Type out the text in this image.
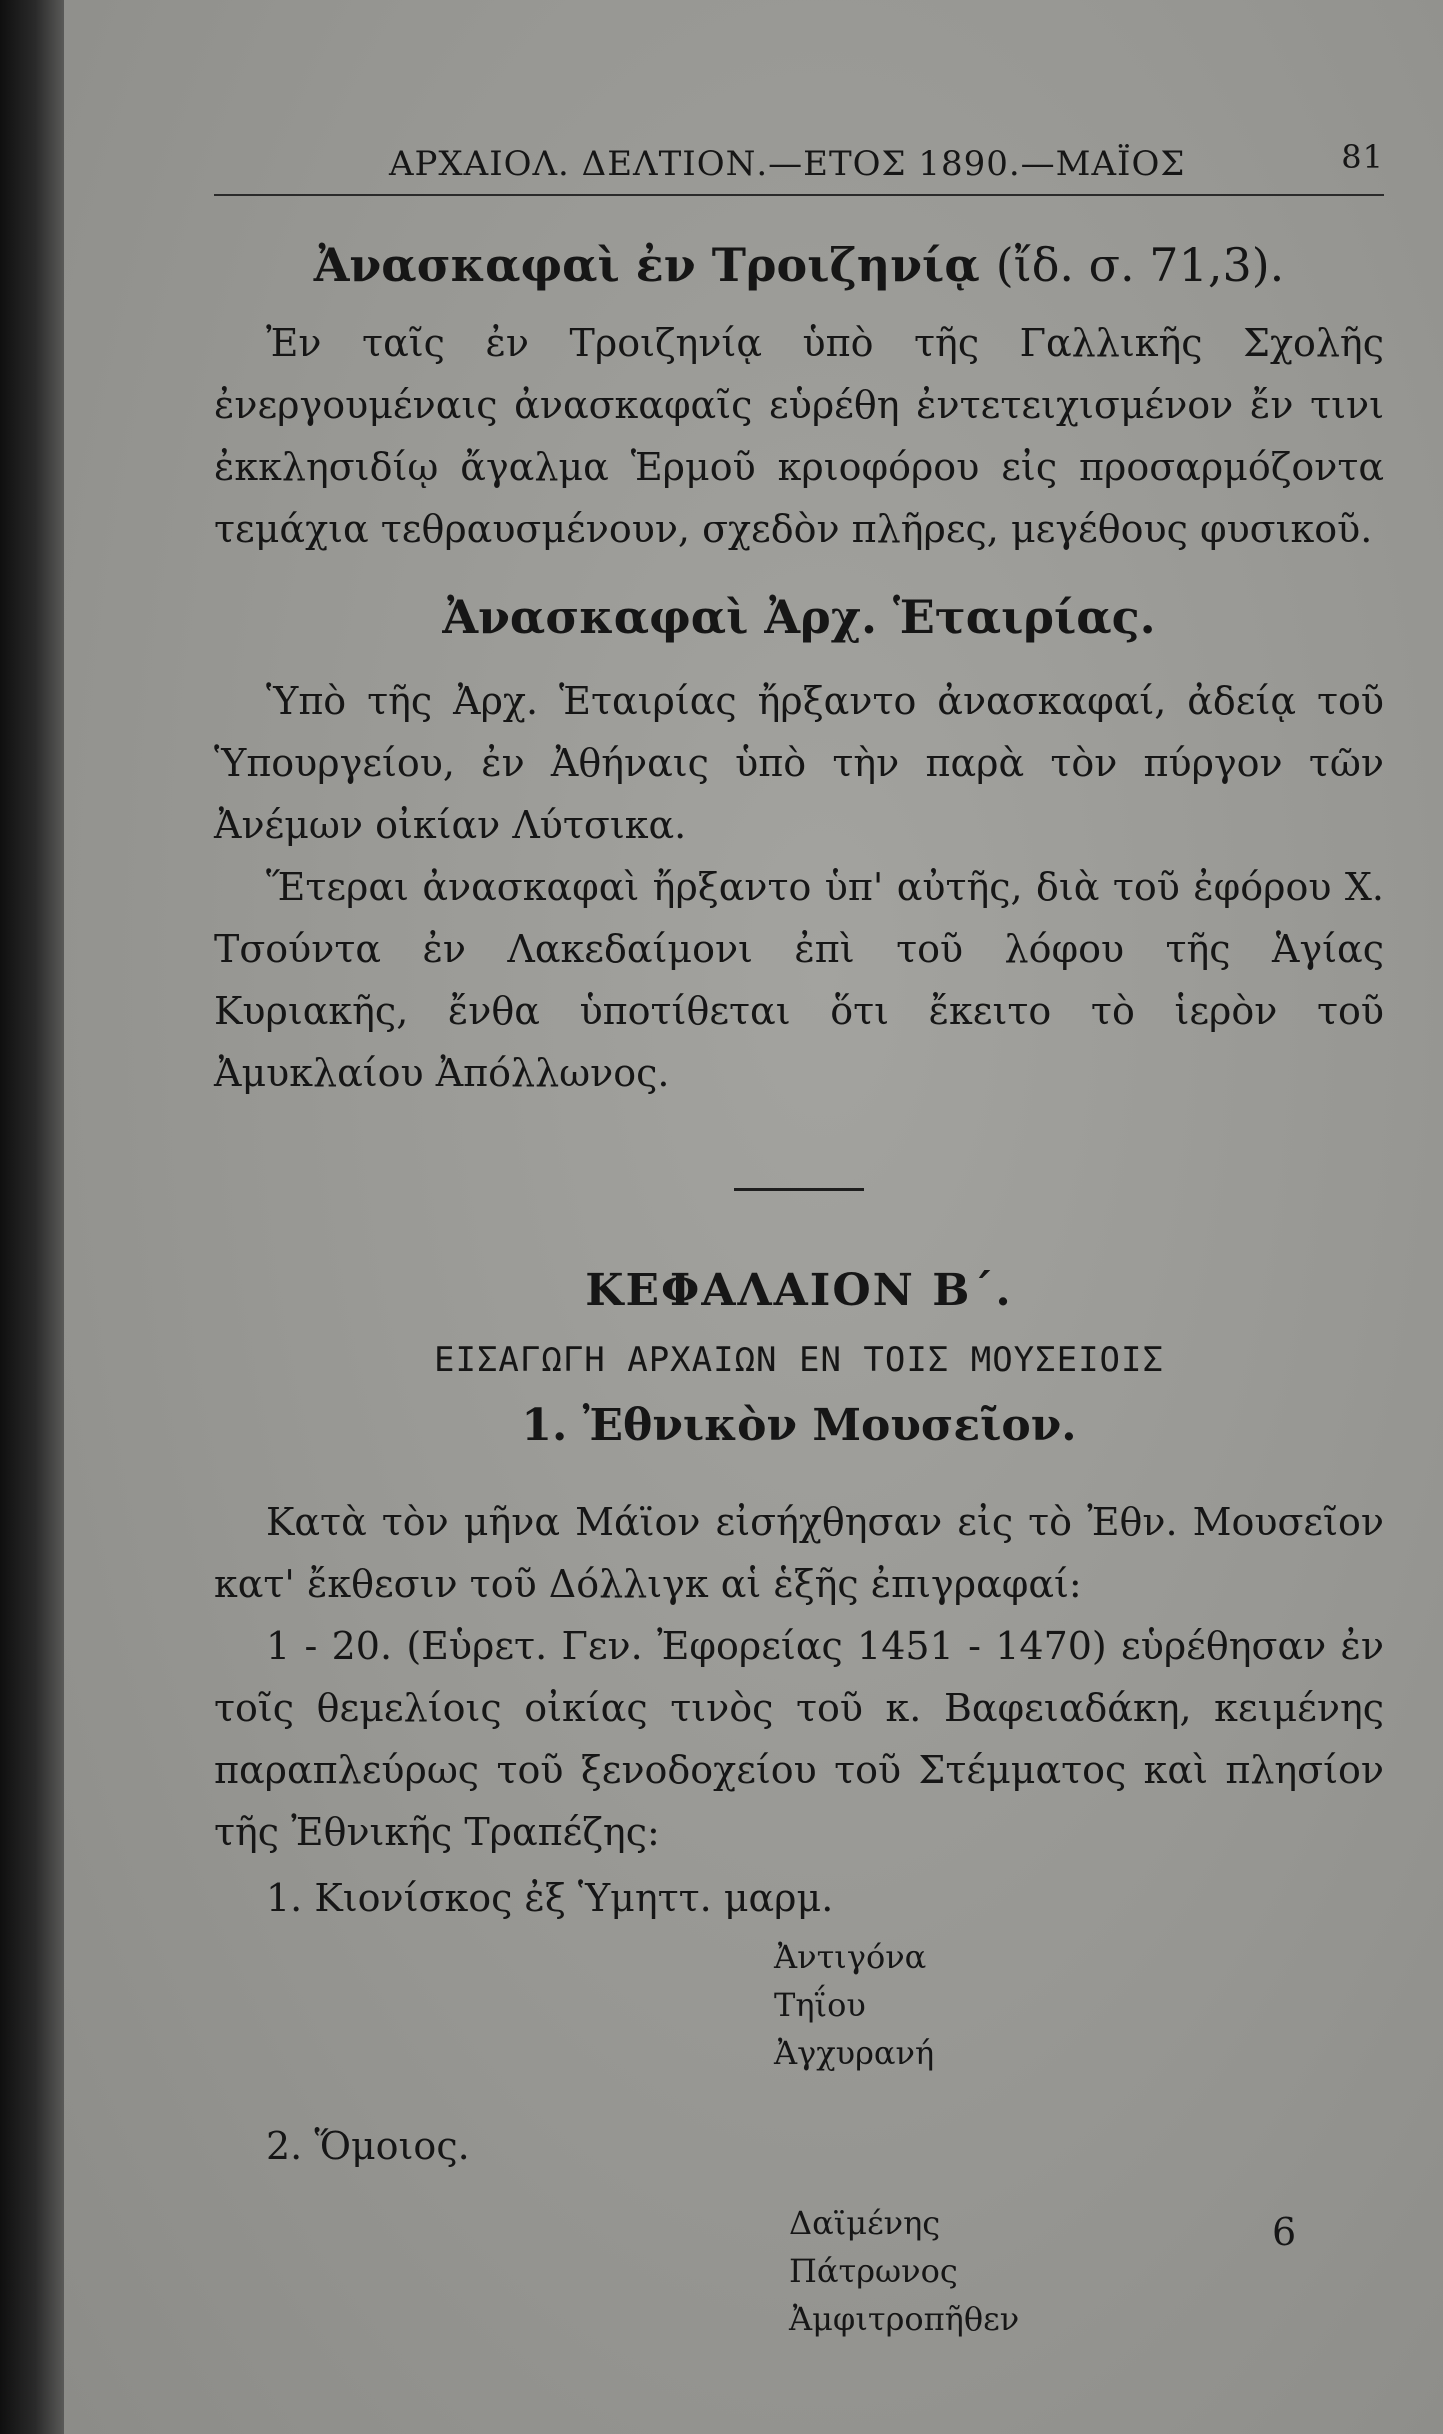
ΑΡΧΑΙΟΛ. ΔΕΛΤΙΟΝ.—ΕΤΟΣ 1890.—ΜΑΪΟΣ	81
Ἀνασκαφαὶ ἐν Τροιζηνίᾳ (ἴδ. σ. 71,3).

Ἐν ταῖς ἐν Τροιζηνίᾳ ὑπὸ τῆς Γαλλικῆς Σχολῆς ἐνεργουμέναις ἀνασκαφαῖς εὑρέθη ἐντετειχισμένον ἔν τινι ἐκκλησιδίῳ ἄγαλμα Ἑρμοῦ κριοφόρου εἰς προσαρμόζοντα τεμάχια τεθραυσμένουν, σχεδὸν πλῆρες, μεγέθους φυσικοῦ.

Ἀνασκαφαὶ Ἀρχ. Ἑταιρίας.

Ὑπὸ τῆς Ἀρχ. Ἑταιρίας ἤρξαντο ἀνασκαφαί, ἀδείᾳ τοῦ Ὑπουργείου, ἐν Ἀθήναις ὑπὸ τὴν παρὰ τὸν πύργον τῶν Ἀνέμων οἰκίαν Λύτσικα.

Ἕτεραι ἀνασκαφαὶ ἤρξαντο ὑπ' αὐτῆς, διὰ τοῦ ἐφόρου Χ. Τσούντα ἐν Λακεδαίμονι ἐπὶ τοῦ λόφου τῆς Ἁγίας Κυριακῆς, ἔνθα ὑποτίθεται ὅτι ἔκειτο τὸ ἱερὸν τοῦ Ἀμυκλαίου Ἀπόλλωνος.

ΚΕΦΑΛΑΙΟΝ Β΄.
ΕΙΣΑΓΩΓΗ ΑΡΧΑΙΩΝ ΕΝ ΤΟΙΣ ΜΟΥΣΕΙΟΙΣ
1. Ἐθνικὸν Μουσεῖον.

Κατὰ τὸν μῆνα Μάϊον εἰσήχθησαν εἰς τὸ Ἐθν. Μουσεῖον κατ' ἔκθεσιν τοῦ Δόλλιγκ αἱ ἑξῆς ἐπιγραφαί:

1 - 20. (Εὑρετ. Γεν. Ἐφορείας 1451 - 1470) εὑρέθησαν ἐν τοῖς θεμελίοις οἰκίας τινὸς τοῦ κ. Βαφειαδάκη, κειμένης παραπλεύρως τοῦ ξενοδοχείου τοῦ Στέμματος καὶ πλησίον τῆς Ἐθνικῆς Τραπέζης:

1. Κιονίσκος ἐξ Ὑμηττ. μαρμ.
Ἀντιγόνα
Τηΐου
Ἀγχυρανή
2. Ὅμοιος.
Δαϊμένης
Πάτρωνος
Ἀμφιτροπῆθεν
6
